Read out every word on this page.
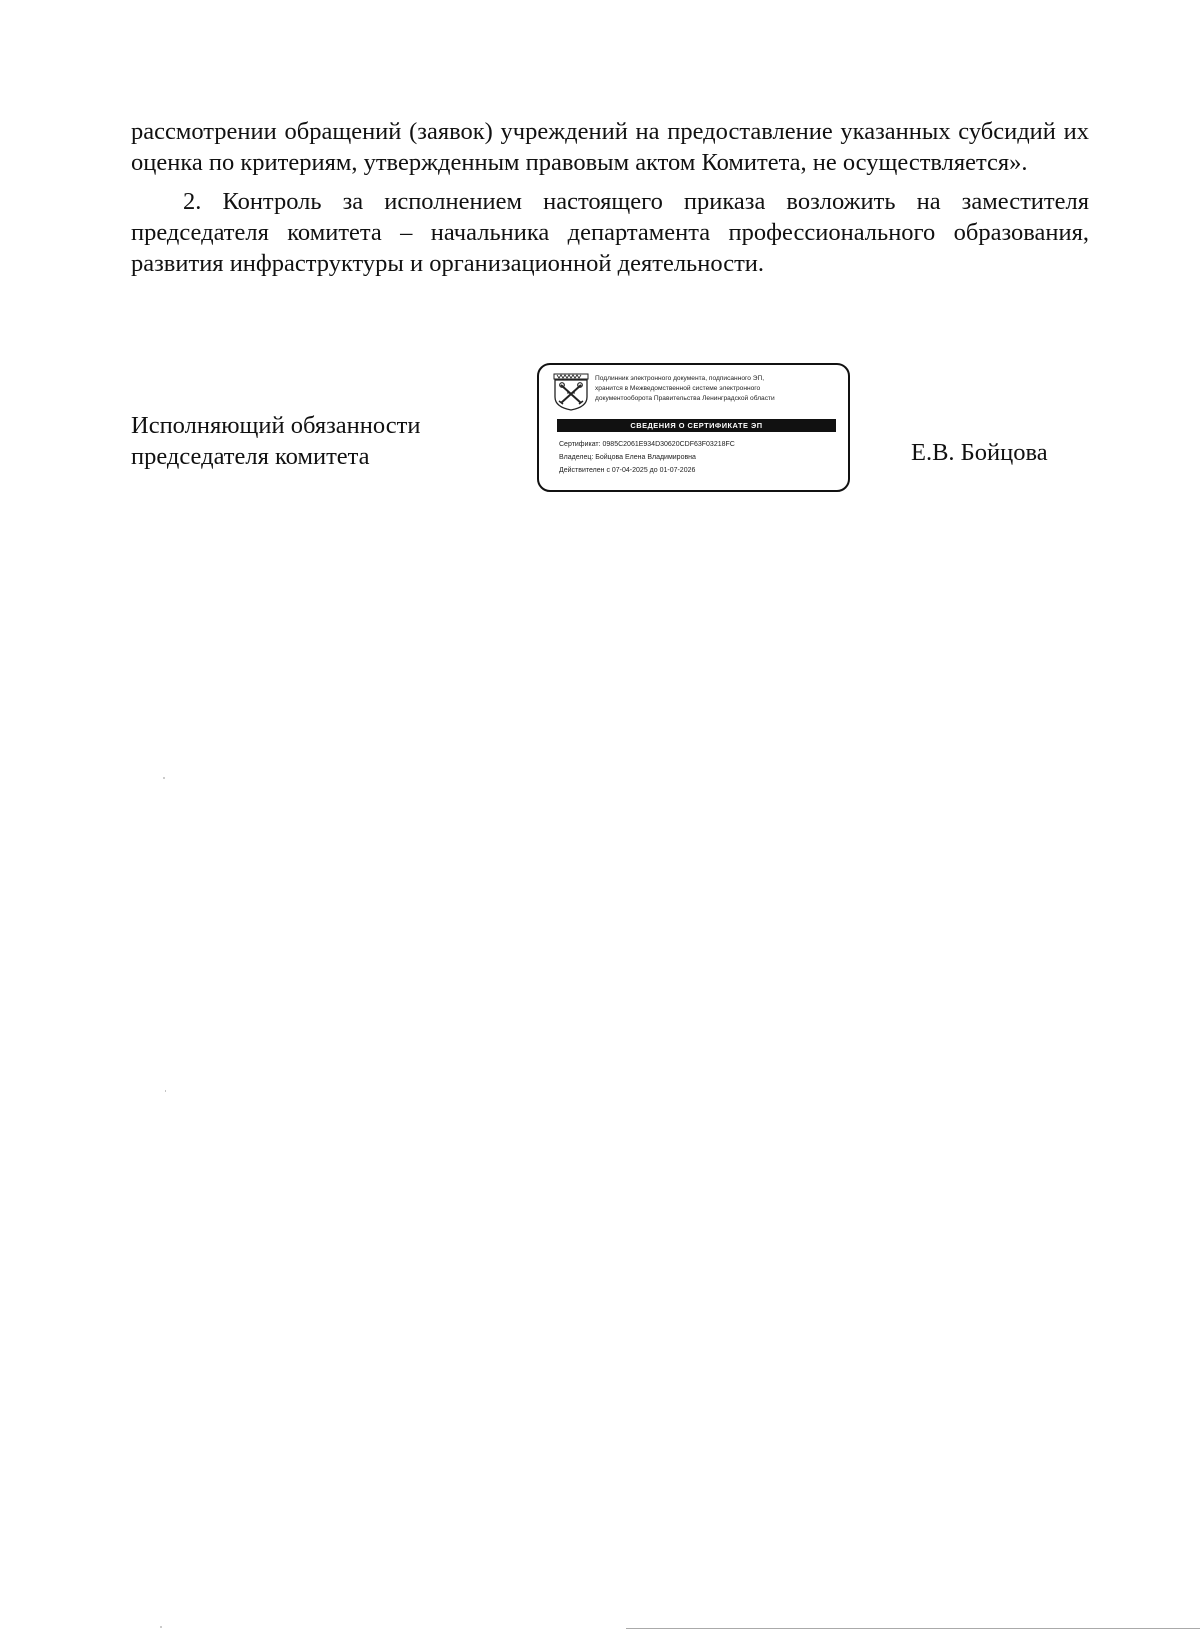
рассмотрении обращений (заявок) учреждений на предоставление указанных субсидий их оценка по критериям, утвержденным правовым актом Комитета, не осуществляется».

2. Контроль за исполнением настоящего приказа возложить на заместителя председателя комитета – начальника департамента профессионального образования, развития инфраструктуры и организационной деятельности.

Исполняющий обязанности
председателя комитета
Подлинник электронного документа, подписанного ЭП,
хранится в Межведомственной системе электронного
документооборота Правительства Ленинградской области
СВЕДЕНИЯ О СЕРТИФИКАТЕ ЭП
Сертификат: 0985C2061E934D30620CDF63F03218FC
Владелец: Бойцова Елена Владимировна
Действителен с 07-04-2025 до 01-07-2026
Е.В. Бойцова
